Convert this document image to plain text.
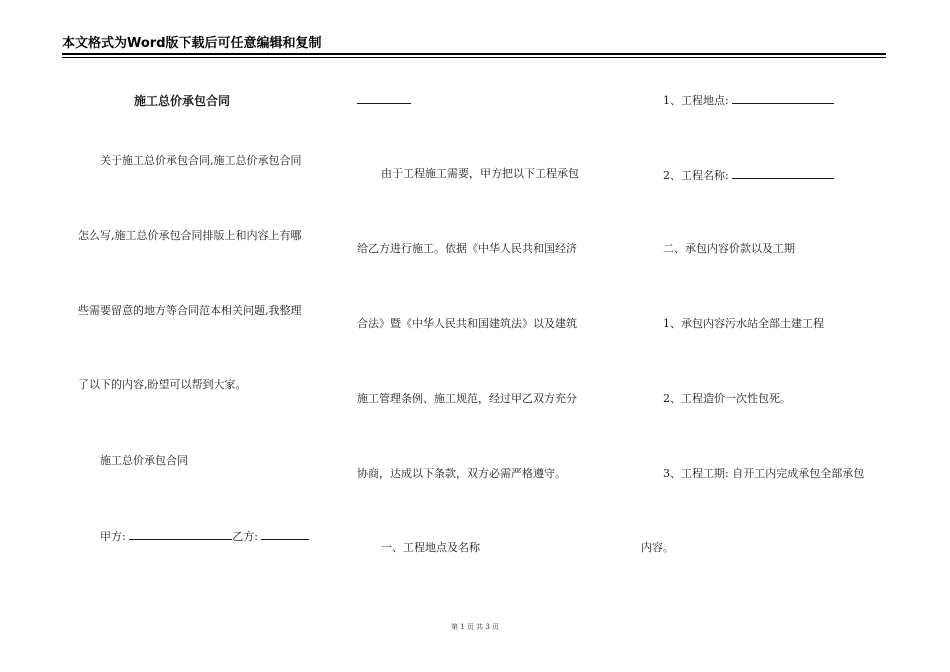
本文格式为Word版下载后可任意编辑和复制
施工总价承包合同
关于施工总价承包合同,施工总价承包合同
怎么写,施工总价承包合同排版上和内容上有哪
些需要留意的地方等合同范本相关问题,我整理
了以下的内容,盼望可以帮到大家。
施工总价承包合同
甲方:	乙方:
由于工程施工需要，甲方把以下工程承包
给乙方进行施工。依据《中华人民共和国经济
合法》暨《中华人民共和国建筑法》以及建筑
施工管理条例、施工规范，经过甲乙双方充分
协商，达成以下条款，双方必需严格遵守。
一、工程地点及名称
1、工程地点:
2、工程名称:
二、承包内容价款以及工期
1、承包内容污水站全部土建工程
2、工程造价一次性包死。
3、工程工期: 自开工内完成承包全部承包
内容。
第 1 页 共 3 页
